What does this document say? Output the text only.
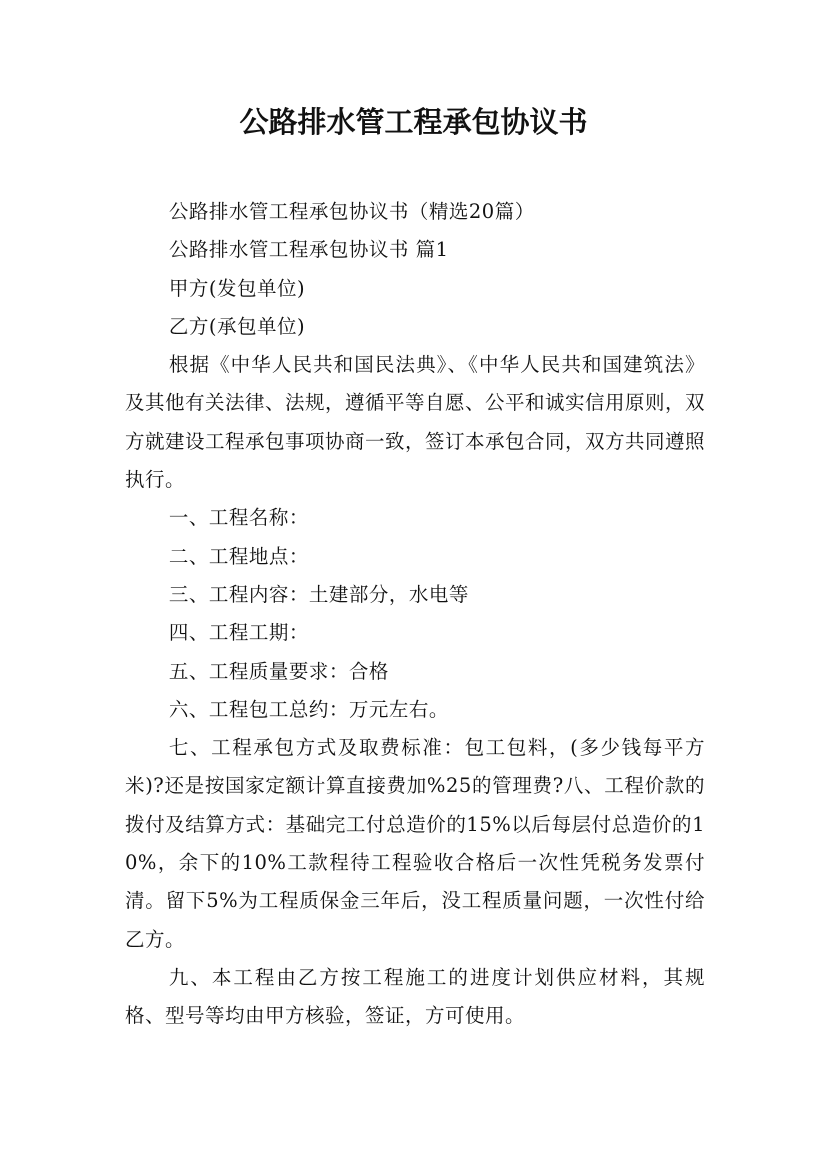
公路排水管工程承包协议书

公路排水管工程承包协议书（精选20篇）

公路排水管工程承包协议书 篇1

甲方(发包单位)

乙方(承包单位)

根据《中华人民共和国民法典》、《中华人民共和国建筑法》及其他有关法律、法规，遵循平等自愿、公平和诚实信用原则，双方就建设工程承包事项协商一致，签订本承包合同，双方共同遵照执行。

一、工程名称：

二、工程地点：

三、工程内容：土建部分，水电等

四、工程工期：

五、工程质量要求：合格

六、工程包工总约：万元左右。

七、工程承包方式及取费标准：包工包料，(多少钱每平方米)?还是按国家定额计算直接费加%25的管理费?八、工程价款的拨付及结算方式：基础完工付总造价的15%以后每层付总造价的10%，余下的10%工款程待工程验收合格后一次性凭税务发票付清。留下5%为工程质保金三年后，没工程质量问题，一次性付给乙方。

九、本工程由乙方按工程施工的进度计划供应材料，其规格、型号等均由甲方核验，签证，方可使用。
